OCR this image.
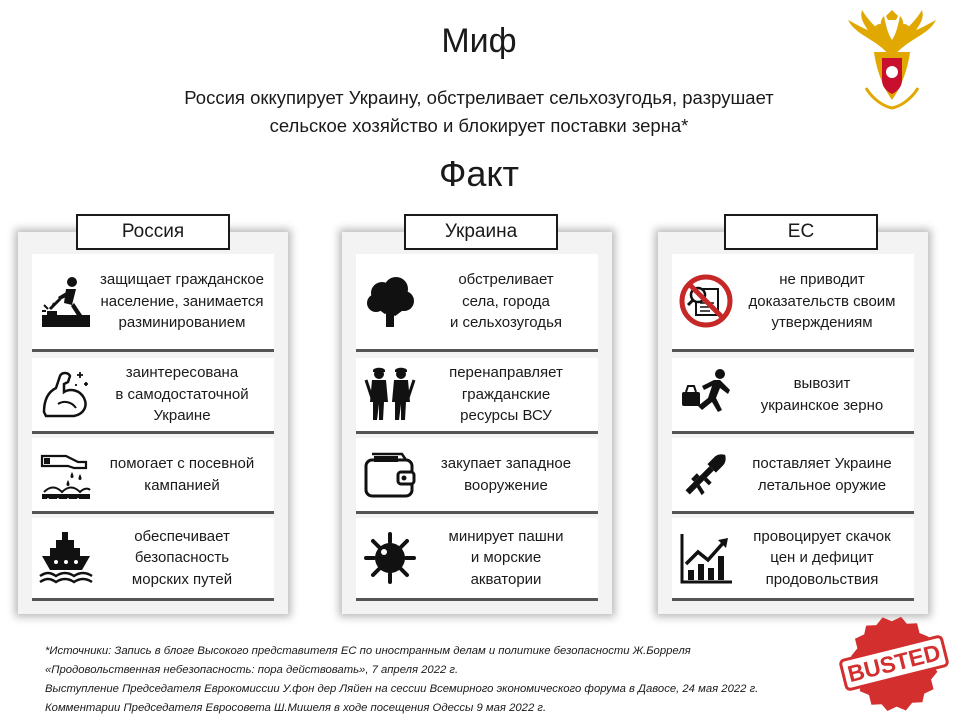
Миф
Россия оккупирует Украину, обстреливает сельхозугодья, разрушает
сельское хозяйство и блокирует поставки зерна*
Факт
Россия
защищает гражданское
население, занимается
разминированием
заинтересована
в самодостаточной
Украине
помогает с посевной
кампанией
обеспечивает
безопасность
морских путей
Украина
обстреливает
села, города
и сельхозугодья
перенаправляет
гражданские
ресурсы ВСУ
закупает западное
вооружение
минирует пашни
и морские
акватории
ЕС
не приводит
доказательств своим
утверждениям
вывозит
украинское зерно
поставляет Украине
летальное оружие
провоцирует скачок
цен и дефицит
продовольствия
*Источники: Запись в блоге Высокого представителя ЕС по иностранным делам и политике безопасности Ж.Борреля
«Продовольственная небезопасность: пора действовать», 7 апреля 2022 г.
Выступление Председателя Еврокомиссии У.фон дер Ляйен на сессии Всемирного экономического форума в Давосе, 24 мая 2022 г.
Комментарии Председателя Евросовета Ш.Мишеля в ходе посещения Одессы 9 мая 2022 г.
BUSTED
